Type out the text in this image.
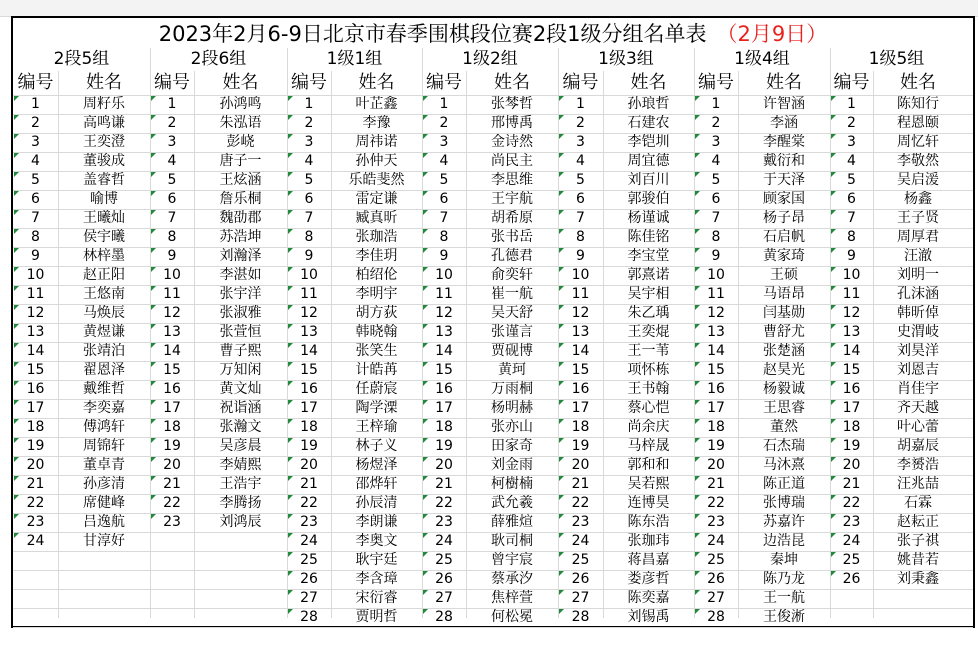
2023年2月6-9日北京市春季围棋段位赛2段1级分组名单表 （2月9日）
2段5组
编号	姓名
1	周籽乐
2	高鸣谦
3	王奕澄
4	董骏成
5	盖睿哲
6	喻博
7	王曦灿
8	侯宇曦
9	林梓墨
10	赵正阳
11	王悠南
12	马焕辰
13	黄煜谦
14	张靖泊
15	翟恩泽
16	戴维哲
17	李奕嘉
18	傅鸿轩
19	周锦轩
20	董卓青
21	孙彦清
22	席健峰
23	吕逸航
24	甘淳好
2段6组
编号	姓名
1	孙鸿鸣
2	朱泓语
3	彭峣
4	唐子一
5	王炫涵
6	詹乐桐
7	魏劭郡
8	苏浩坤
9	刘瀚泽
10	李湛如
11	张宇洋
12	张淑雅
13	张萱恒
14	曹子熙
15	万知闲
16	黄文灿
17	祝诣涵
18	张瀚文
19	吴彦晨
20	李婧熙
21	王浩宇
22	李腾扬
23	刘鸿辰
1级1组
编号	姓名
1	叶芷鑫
2	李豫
3	周祎诺
4	孙仲天
5	乐皓斐然
6	雷定谦
7	臧真昕
8	张珈浩
9	李佳玥
10	柏绍伦
11	李明宇
12	胡方荻
13	韩晓翰
14	张笑生
15	计皓苒
16	任蔚宸
17	陶学溧
18	王梓瑜
19	林子义
20	杨煜泽
21	邵烨轩
22	孙辰清
23	李朗谦
24	李奥文
25	耿宇廷
26	李含璋
27	宋衍睿
28	贾明哲
1级2组
编号	姓名
1	张棽哲
2	邢博禹
3	金诗然
4	尚民主
5	李思维
6	王宇航
7	胡希原
8	张书岳
9	孔德君
10	俞奕轩
11	崔一航
12	吴天舒
13	张谨言
14	贾砚博
15	黄珂
16	万雨桐
17	杨明赫
18	张亦山
19	田家奇
20	刘金雨
21	柯樹楠
22	武允羲
23	薛雅煊
24	耿司桐
25	曾宇宸
26	蔡承汐
27	焦梓萱
28	何松冕
1级3组
编号	姓名
1	孙琅哲
2	石建农
3	李铠圳
4	周宜德
5	刘百川
6	郭骏伯
7	杨谨诚
8	陈佳铭
9	李宝堂
10	郭熹诺
11	吴宇相
12	朱乙瑀
13	王奕焜
14	王一苇
15	项怀栋
16	王书翰
17	蔡心恺
18	尚余庆
19	马梓晟
20	郭和和
21	吴若熙
22	连博昊
23	陈东浩
24	张珈玮
25	蒋昌嘉
26	娄彦哲
27	陈奕嘉
28	刘锡禹
1级4组
编号	姓名
1	许智涵
2	李涵
3	李醒棠
4	戴衍和
5	于天泽
6	顾家国
7	杨子昂
8	石启帆
9	黄家琦
10	王硕
11	马语昂
12	闫基勋
13	曹舒尤
14	张楚涵
15	赵昊光
16	杨毅诚
17	王思睿
18	董然
19	石杰瑞
20	马沐熹
21	陈正道
22	张博瑞
23	苏嘉许
24	边浩昆
25	秦坤
26	陈乃龙
27	王一航
28	王俊淅
1级5组
编号	姓名
1	陈知行
2	程恩颐
3	周忆轩
4	李敬然
5	吴启湲
6	杨鑫
7	王子贤
8	周厚君
9	汪澈
10	刘明一
11	孔沫涵
12	韩昕倬
13	史渭岐
14	刘昊洋
15	刘恩吉
16	肖佳宇
17	齐天越
18	叶心蕾
19	胡嘉辰
20	李赟浩
21	汪兆喆
22	石霖
23	赵耘正
24	张子祺
25	姚昔若
26	刘秉鑫
